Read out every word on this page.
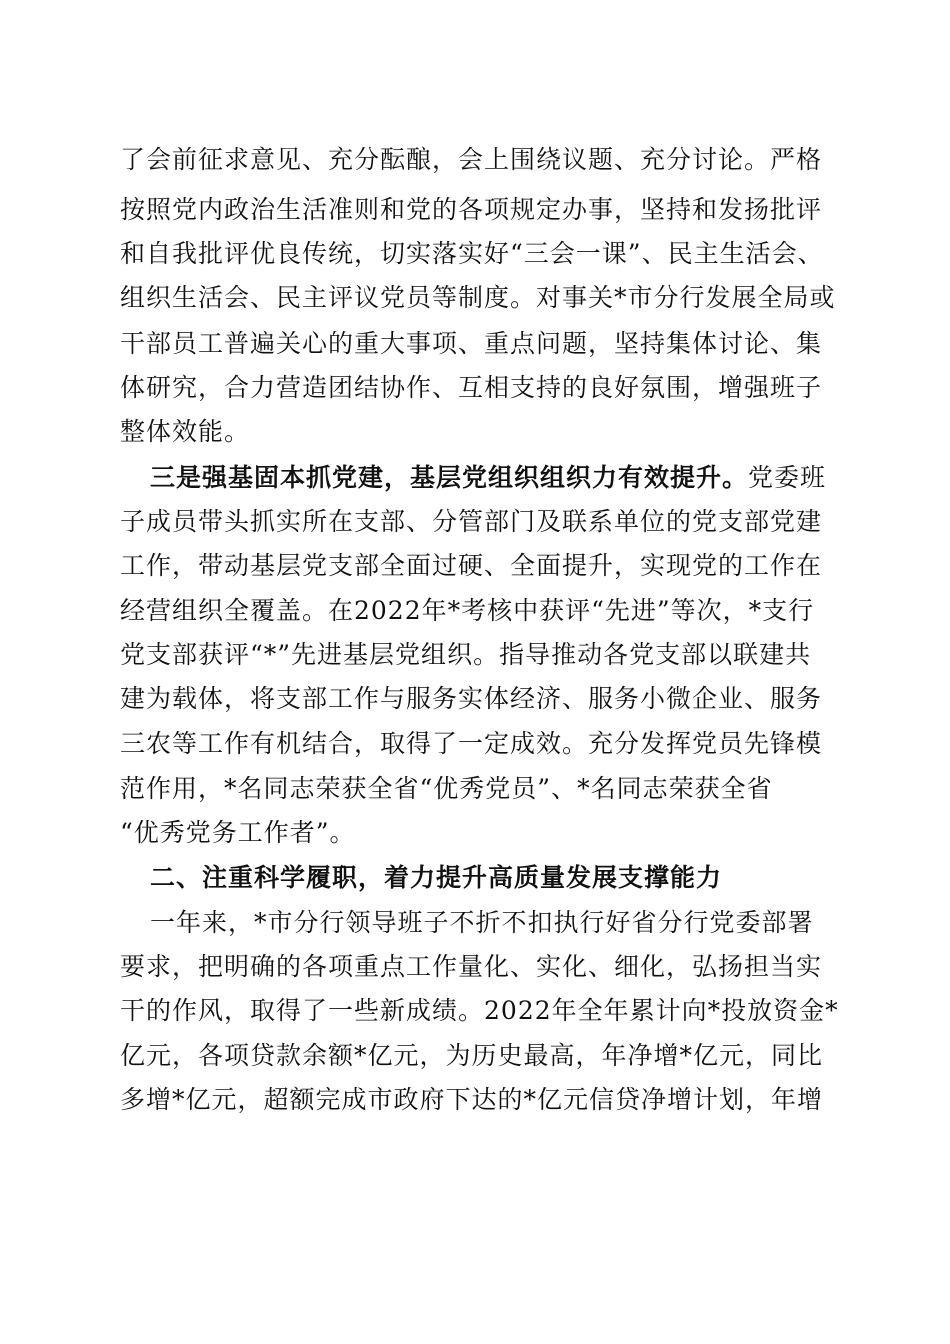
了会前征求意见、充分酝酿，会上围绕议题、充分讨论。严格
按照党内政治生活准则和党的各项规定办事，坚持和发扬批评
和自我批评优良传统，切实落实好“三会一课”、民主生活会、
组织生活会、民主评议党员等制度。对事关*市分行发展全局或
干部员工普遍关心的重大事项、重点问题，坚持集体讨论、集
体研究，合力营造团结协作、互相支持的良好氛围，增强班子
整体效能。
三是强基固本抓党建，基层党组织组织力有效提升。党委班
子成员带头抓实所在支部、分管部门及联系单位的党支部党建
工作，带动基层党支部全面过硬、全面提升，实现党的工作在
经营组织全覆盖。在2022年*考核中获评“先进”等次，*支行
党支部获评“*”先进基层党组织。指导推动各党支部以联建共
建为载体，将支部工作与服务实体经济、服务小微企业、服务
三农等工作有机结合，取得了一定成效。充分发挥党员先锋模
范作用，*名同志荣获全省“优秀党员”、*名同志荣获全省
“优秀党务工作者”。
二、注重科学履职，着力提升高质量发展支撑能力
一年来，*市分行领导班子不折不扣执行好省分行党委部署
要求，把明确的各项重点工作量化、实化、细化，弘扬担当实
干的作风，取得了一些新成绩。2022年全年累计向*投放资金*
亿元，各项贷款余额*亿元，为历史最高，年净增*亿元，同比
多增*亿元，超额完成市政府下达的*亿元信贷净增计划，年增
